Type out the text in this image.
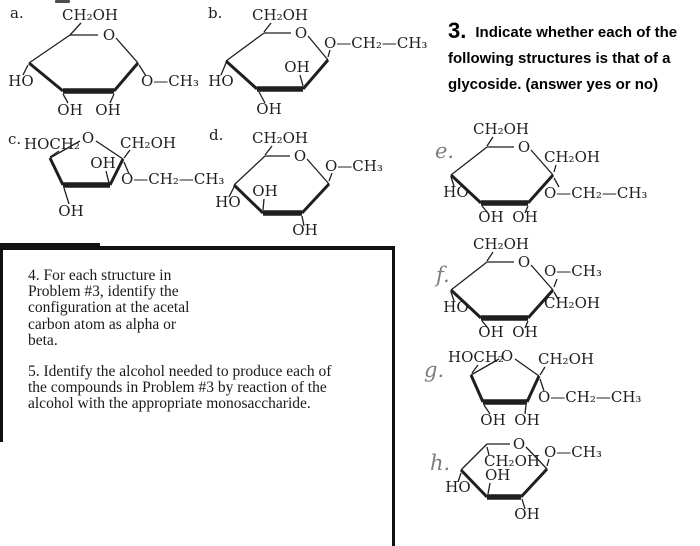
a.	CH₂OH
O
O—CH₃
HO
OH OH
b. CH₂OH
O
O—CH₂—CH₃
OH
HO
OH
c. HOCH₂ O CH₂OH
OH
O—CH₂—CH₃
OH
d. CH₂OH
O
O—CH₃
OH
HO
OH
3. Indicate whether each of the
following structures is that of a
glycoside. (answer yes or no)
e.
CH₂OH
O
CH₂OH
O—CH₂—CH₃
HO
OH OH
f.
CH₂OH
O O—CH₃
CH₂OH
HO
OH OH
g.
HOCH₂
O CH₂OH
O—CH₂—CH₃
OH OH
h.
O O—CH₃
CH₂OH
OH
HO
OH
4. For each structure in
Problem #3, identify the
configuration at the acetal
carbon atom as alpha or
beta.
5. Identify the alcohol needed to produce each of
the compounds in Problem #3 by reaction of the
alcohol with the appropriate monosaccharide.
